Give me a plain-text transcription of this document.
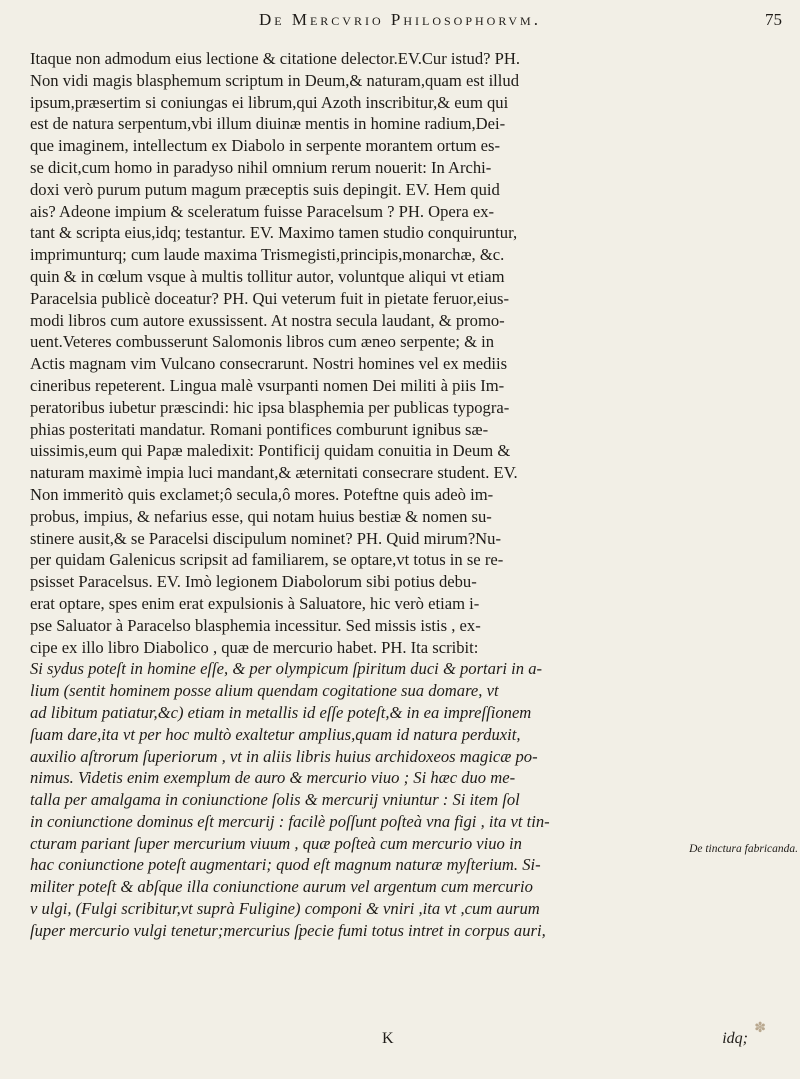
De Mercvrio Philosophorvm.	75
Itaque non admodum eius lectione & citatione delector.EV.Cur istud? PH.
Non vidi magis blasphemum scriptum in Deum,& naturam,quam est illud
ipsum,præsertim si coniungas ei librum,qui Azoth inscribitur,& eum qui
est de natura serpentum,vbi illum diuinæ mentis in homine radium,Dei-
que imaginem, intellectum ex Diabolo in serpente morantem ortum es-
se dicit,cum homo in paradyso nihil omnium rerum nouerit: In Archi-
doxi verò purum putum magum præceptis suis depingit. EV. Hem quid
ais? Adeone impium & sceleratum fuisse Paracelsum ? PH. Opera ex-
tant & scripta eius,idq; testantur. EV. Maximo tamen studio conquiruntur,
imprimunturq; cum laude maxima Trismegisti,principis,monarchæ, &c.
quin & in cœlum vsque à multis tollitur autor, voluntque aliqui vt etiam
Paracelsia publicè doceatur? PH. Qui veterum fuit in pietate feruor,eius-
modi libros cum autore exussissent. At nostra secula laudant, & promo-
uent.Veteres combusserunt Salomonis libros cum æneo serpente; & in
Actis magnam vim Vulcano consecrarunt. Nostri homines vel ex mediis
cineribus repeterent. Lingua malè vsurpanti nomen Dei militi à piis Im-
peratoribus iubetur præscindi: hic ipsa blasphemia per publicas typogra-
phias posteritati mandatur. Romani pontifices comburunt ignibus sæ-
uissimis,eum qui Papæ maledixit: Pontificij quidam conuitia in Deum &
naturam maximè impia luci mandant,& æternitati consecrare student. EV.
Non immeritò quis exclamet;ô secula,ô mores. Poteftne quis adeò im-
probus, impius, & nefarius esse, qui notam huius bestiæ & nomen su-
stinere ausit,& se Paracelsi discipulum nominet? PH. Quid mirum?Nu-
per quidam Galenicus scripsit ad familiarem, se optare,vt totus in se re-
psisset Paracelsus. EV. Imò legionem Diabolorum sibi potius debu-
erat optare, spes enim erat expulsionis à Saluatore, hic verò etiam i-
pse Saluator à Paracelso blasphemia incessitur. Sed missis istis , ex-
cipe ex illo libro Diabolico , quæ de mercurio habet. PH. Ita scribit:
Si sydus poteſt in homine eſſe, & per olympicum ſpiritum duci & portari in a-
lium (sentit hominem posse alium quendam cogitatione sua domare, vt
ad libitum patiatur,&c) etiam in metallis id eſſe poteſt,& in ea impreſſionem
ſuam dare,ita vt per hoc multò exaltetur amplius,quam id natura perduxit,
auxilio aſtrorum ſuperiorum , vt in aliis libris huius archidoxeos magicæ po-
nimus. Videtis enim exemplum de auro & mercurio viuo ; Si hæc duo me-
talla per amalgama in coniunctione ſolis & mercurij vniuntur : Si item ſol
in coniunctione dominus eſt mercurij : facilè poſſunt poſteà vna figi , ita vt tin-
cturam pariant ſuper mercurium viuum , quæ poſteà cum mercurio viuo in
hac coniunctione poteſt augmentari; quod eſt magnum naturæ myſterium. Si-
militer poteſt & abſque illa coniunctione aurum vel argentum cum mercurio
v ulgi, (Fulgi scribitur,vt suprà Fuligine) componi & vniri ,ita vt ,cum aurum
ſuper mercurio vulgi tenetur;mercurius ſpecie fumi totus intret in corpus auri,
De tinctura fabricanda.
K	idq;
✽
